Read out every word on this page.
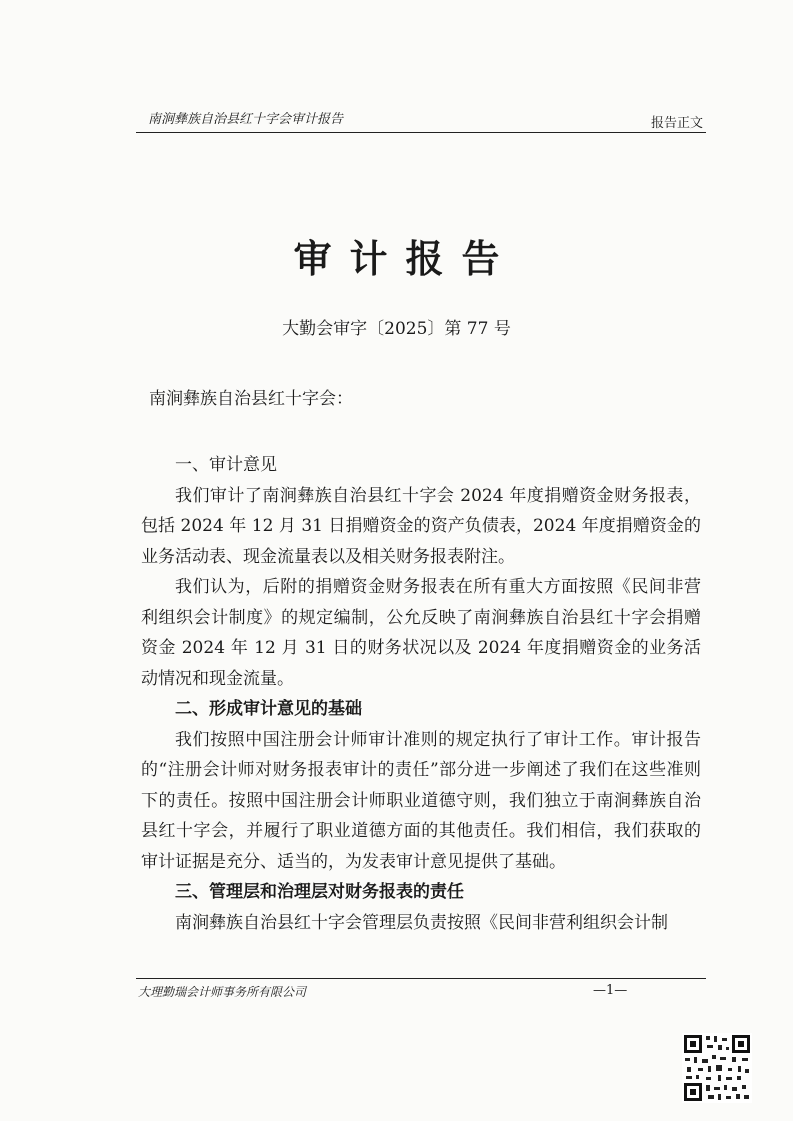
南涧彝族自治县红十字会审计报告	报告正文
审计报告
大勤会审字〔2025〕第 77 号
南涧彝族自治县红十字会：

一、审计意见

我们审计了南涧彝族自治县红十字会 2024 年度捐赠资金财务报表，包括 2024 年 12 月 31 日捐赠资金的资产负债表，2024 年度捐赠资金的业务活动表、现金流量表以及相关财务报表附注。

我们认为，后附的捐赠资金财务报表在所有重大方面按照《民间非营利组织会计制度》的规定编制，公允反映了南涧彝族自治县红十字会捐赠资金 2024 年 12 月 31 日的财务状况以及 2024 年度捐赠资金的业务活动情况和现金流量。

二、形成审计意见的基础

我们按照中国注册会计师审计准则的规定执行了审计工作。审计报告的“注册会计师对财务报表审计的责任”部分进一步阐述了我们在这些准则下的责任。按照中国注册会计师职业道德守则，我们独立于南涧彝族自治县红十字会，并履行了职业道德方面的其他责任。我们相信，我们获取的审计证据是充分、适当的，为发表审计意见提供了基础。

三、管理层和治理层对财务报表的责任

南涧彝族自治县红十字会管理层负责按照《民间非营利组织会计制

大理勤瑞会计师事务所有限公司	—1—
